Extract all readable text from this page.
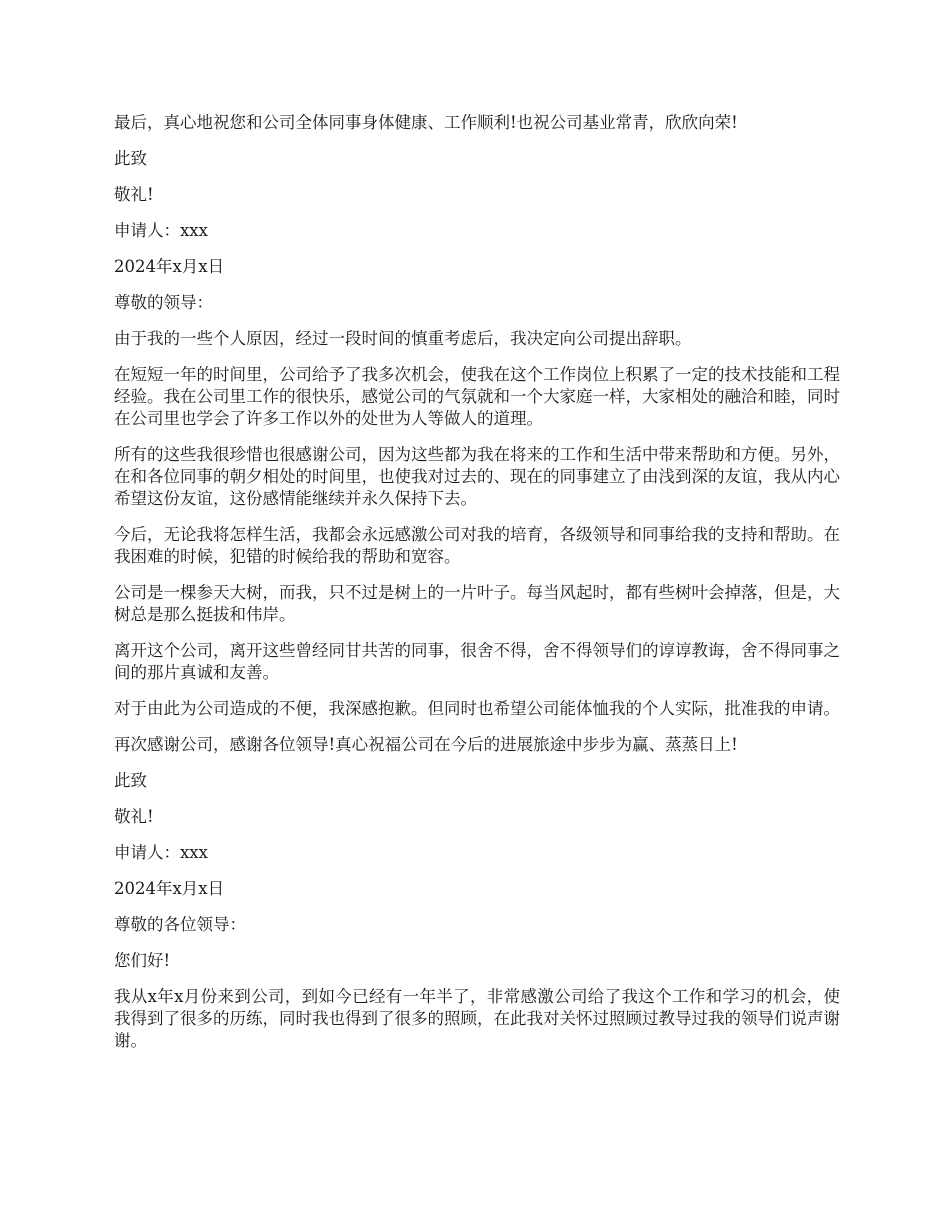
最后，真心地祝您和公司全体同事身体健康、工作顺利!也祝公司基业常青，欣欣向荣!

此致

敬礼!

申请人：xxx

2024年x月x日

尊敬的领导：

由于我的一些个人原因，经过一段时间的慎重考虑后，我决定向公司提出辞职。

在短短一年的时间里，公司给予了我多次机会，使我在这个工作岗位上积累了一定的技术技能和工程经验。我在公司里工作的很快乐，感觉公司的气氛就和一个大家庭一样，大家相处的融洽和睦，同时在公司里也学会了许多工作以外的处世为人等做人的道理。

所有的这些我很珍惜也很感谢公司，因为这些都为我在将来的工作和生活中带来帮助和方便。另外，在和各位同事的朝夕相处的时间里，也使我对过去的、现在的同事建立了由浅到深的友谊，我从内心希望这份友谊，这份感情能继续并永久保持下去。

今后，无论我将怎样生活，我都会永远感激公司对我的培育，各级领导和同事给我的支持和帮助。在我困难的时候，犯错的时候给我的帮助和宽容。

公司是一棵参天大树，而我，只不过是树上的一片叶子。每当风起时，都有些树叶会掉落，但是，大树总是那么挺拔和伟岸。

离开这个公司，离开这些曾经同甘共苦的同事，很舍不得，舍不得领导们的谆谆教诲，舍不得同事之间的那片真诚和友善。

对于由此为公司造成的不便，我深感抱歉。但同时也希望公司能体恤我的个人实际，批准我的申请。

再次感谢公司，感谢各位领导!真心祝福公司在今后的进展旅途中步步为赢、蒸蒸日上!

此致

敬礼!

申请人：xxx

2024年x月x日

尊敬的各位领导：

您们好!

我从x年x月份来到公司，到如今已经有一年半了，非常感激公司给了我这个工作和学习的机会，使我得到了很多的历练，同时我也得到了很多的照顾，在此我对关怀过照顾过教导过我的领导们说声谢谢。
